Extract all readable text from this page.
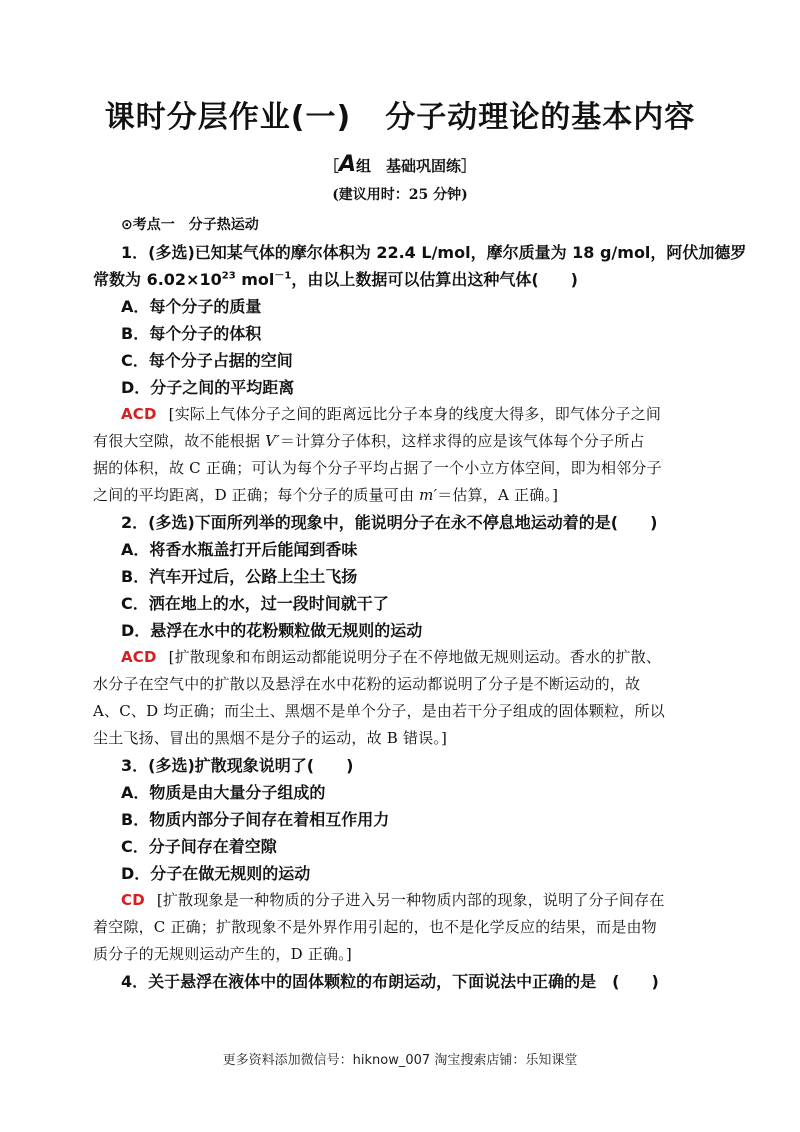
课时分层作业(一) 分子动理论的基本内容
［A组　基础巩固练］
(建议用时：25 分钟)
⊙考点一　分子热运动
1．(多选)已知某气体的摩尔体积为 22.4 L/mol，摩尔质量为 18 g/mol，阿伏加德罗
常数为 $6.02\times 10^{23}$ mol$^{-1}$，由以上数据可以估算出这种气体(　　)
A．每个分子的质量
B．每个分子的体积
C．每个分子占据的空间
D．分子之间的平均距离
ACD [实际上气体分子之间的距离远比分子本身的线度大得多，即气体分子之间
有很大空隙，故不能根据 V′＝计算分子体积，这样求得的应是该气体每个分子所占
据的体积，故 C 正确；可认为每个分子平均占据了一个小立方体空间，即为相邻分子
之间的平均距离，D 正确；每个分子的质量可由 m′＝估算，A 正确。]
2．(多选)下面所列举的现象中，能说明分子在永不停息地运动着的是(　　)
A．将香水瓶盖打开后能闻到香味
B．汽车开过后，公路上尘土飞扬
C．洒在地上的水，过一段时间就干了
D．悬浮在水中的花粉颗粒做无规则的运动
ACD [扩散现象和布朗运动都能说明分子在不停地做无规则运动。香水的扩散、
水分子在空气中的扩散以及悬浮在水中花粉的运动都说明了分子是不断运动的，故
A、C、D 均正确；而尘土、黑烟不是单个分子，是由若干分子组成的固体颗粒，所以
尘土飞扬、冒出的黑烟不是分子的运动，故 B 错误。]
3．(多选)扩散现象说明了(　　)
A．物质是由大量分子组成的
B．物质内部分子间存在着相互作用力
C．分子间存在着空隙
D．分子在做无规则的运动
CD [扩散现象是一种物质的分子进入另一种物质内部的现象，说明了分子间存在
着空隙，C 正确；扩散现象不是外界作用引起的，也不是化学反应的结果，而是由物
质分子的无规则运动产生的，D 正确。]
4．关于悬浮在液体中的固体颗粒的布朗运动，下面说法中正确的是　(　　)
更多资料添加微信号：hiknow_007 淘宝搜索店铺：乐知课堂
